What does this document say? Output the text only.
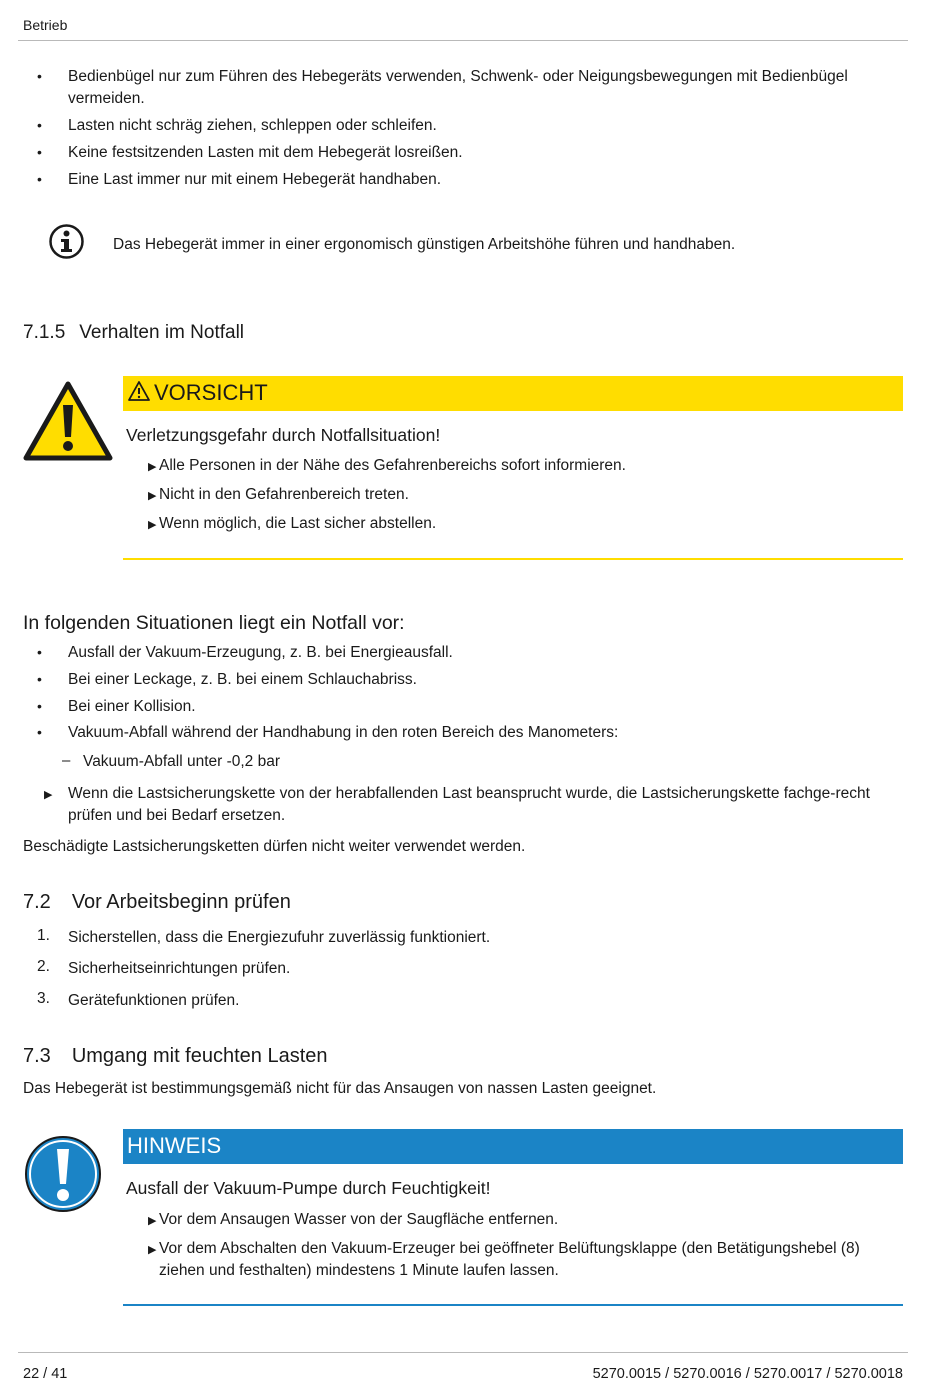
Betrieb
• Bedienbügel nur zum Führen des Hebegeräts verwenden, Schwenk- oder Neigungsbewegungen mit Bedienbügel vermeiden.
• Lasten nicht schräg ziehen, schleppen oder schleifen.
• Keine festsitzenden Lasten mit dem Hebegerät losreißen.
• Eine Last immer nur mit einem Hebegerät handhaben.
Das Hebegerät immer in einer ergonomisch günstigen Arbeitshöhe führen und handhaben.
7.1.5 Verhalten im Notfall
VORSICHT
Verletzungsgefahr durch Notfallsituation!
▶ Alle Personen in der Nähe des Gefahrenbereichs sofort informieren.
▶ Nicht in den Gefahrenbereich treten.
▶ Wenn möglich, die Last sicher abstellen.
In folgenden Situationen liegt ein Notfall vor:
• Ausfall der Vakuum-Erzeugung, z. B. bei Energieausfall.
• Bei einer Leckage, z. B. bei einem Schlauchabriss.
• Bei einer Kollision.
• Vakuum-Abfall während der Handhabung in den roten Bereich des Manometers:
– Vakuum-Abfall unter -0,2 bar
▶ Wenn die Lastsicherungskette von der herabfallenden Last beansprucht wurde, die Lastsicherungskette fachge-recht prüfen und bei Bedarf ersetzen.
Beschädigte Lastsicherungsketten dürfen nicht weiter verwendet werden.
7.2 Vor Arbeitsbeginn prüfen
1. Sicherstellen, dass die Energiezufuhr zuverlässig funktioniert.
2. Sicherheitseinrichtungen prüfen.
3. Gerätefunktionen prüfen.
7.3 Umgang mit feuchten Lasten
Das Hebegerät ist bestimmungsgemäß nicht für das Ansaugen von nassen Lasten geeignet.
HINWEIS
Ausfall der Vakuum-Pumpe durch Feuchtigkeit!
▶ Vor dem Ansaugen Wasser von der Saugfläche entfernen.
▶ Vor dem Abschalten den Vakuum-Erzeuger bei geöffneter Belüftungsklappe (den Betätigungshebel (8) ziehen und festhalten) mindestens 1 Minute laufen lassen.
22 / 41	5270.0015 / 5270.0016 / 5270.0017 / 5270.0018
